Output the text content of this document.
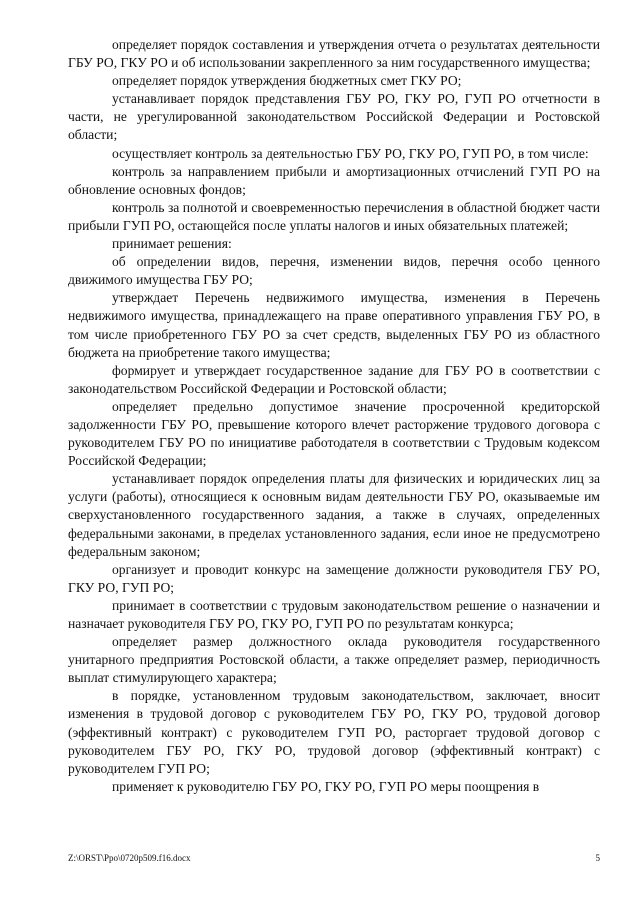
определяет порядок составления и утверждения отчета о результатах деятельности ГБУ РО, ГКУ РО и об использовании закрепленного за ним государственного имущества;

определяет порядок утверждения бюджетных смет ГКУ РО;

устанавливает порядок представления ГБУ РО, ГКУ РО, ГУП РО отчетности в части, не урегулированной законодательством Российской Федерации и Ростовской области;

осуществляет контроль за деятельностью ГБУ РО, ГКУ РО, ГУП РО, в том числе:

контроль за направлением прибыли и амортизационных отчислений ГУП РО на обновление основных фондов;

контроль за полнотой и своевременностью перечисления в областной бюджет части прибыли ГУП РО, остающейся после уплаты налогов и иных обязательных платежей;

принимает решения:

об определении видов, перечня, изменении видов, перечня особо ценного движимого имущества ГБУ РО;

утверждает Перечень недвижимого имущества, изменения в Перечень недвижимого имущества, принадлежащего на праве оперативного управления ГБУ РО, в том числе приобретенного ГБУ РО за счет средств, выделенных ГБУ РО из областного бюджета на приобретение такого имущества;

формирует и утверждает государственное задание для ГБУ РО в соответствии с законодательством Российской Федерации и Ростовской области;

определяет предельно допустимое значение просроченной кредиторской задолженности ГБУ РО, превышение которого влечет расторжение трудового договора с руководителем ГБУ РО по инициативе работодателя в соответствии с Трудовым кодексом Российской Федерации;

устанавливает порядок определения платы для физических и юридических лиц за услуги (работы), относящиеся к основным видам деятельности ГБУ РО, оказываемые им сверхустановленного государственного задания, а также в случаях, определенных федеральными законами, в пределах установленного задания, если иное не предусмотрено федеральным законом;

организует и проводит конкурс на замещение должности руководителя ГБУ РО, ГКУ РО, ГУП РО;

принимает в соответствии с трудовым законодательством решение о назначении и назначает руководителя ГБУ РО, ГКУ РО, ГУП РО по результатам конкурса;

определяет размер должностного оклада руководителя государственного унитарного предприятия Ростовской области, а также определяет размер, периодичность выплат стимулирующего характера;

в порядке, установленном трудовым законодательством, заключает, вносит изменения в трудовой договор с руководителем ГБУ РО, ГКУ РО, трудовой договор (эффективный контракт) с руководителем ГУП РО, расторгает трудовой договор с руководителем ГБУ РО, ГКУ РО, трудовой договор (эффективный контракт) с руководителем ГУП РО;

применяет к руководителю ГБУ РО, ГКУ РО, ГУП РО меры поощрения в

Z:\ORST\Ppo\0720p509.f16.docx	5
